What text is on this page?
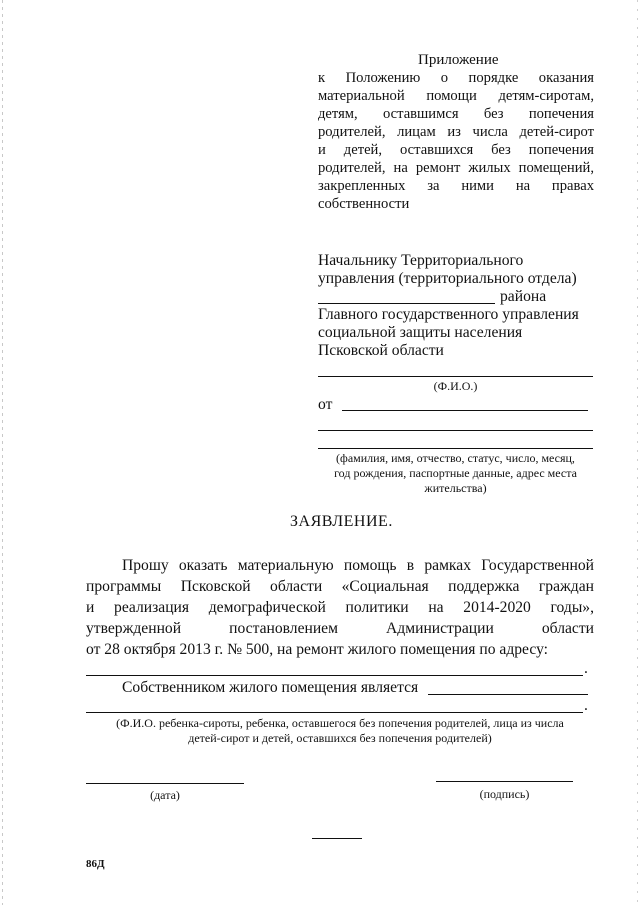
Приложение
к Положению о порядке оказания
материальной помощи детям-сиротам,
детям, оставшимся без попечения
родителей, лицам из числа детей-сирот
и детей, оставшихся без попечения
родителей, на ремонт жилых помещений,
закрепленных за ними на правах
собственности
Начальнику Территориального
управления (территориального отдела)
района
Главного государственного управления
социальной защиты населения
Псковской области
(Ф.И.О.)
от
(фамилия, имя, отчество, статус, число, месяц,
год рождения, паспортные данные, адрес места
жительства)
ЗАЯВЛЕНИЕ.
Прошу оказать материальную помощь в рамках Государственной
программы Псковской области «Социальная поддержка граждан
и реализация демографической политики на 2014-2020 годы»,
утвержденной постановлением Администрации области
от 28 октября 2013 г. № 500, на ремонт жилого помещения по адресу:
.
Собственником жилого помещения является
.
(Ф.И.О. ребенка-сироты, ребенка, оставшегося без попечения родителей, лица из числа
детей-сирот и детей, оставшихся без попечения родителей)
(дата)	(подпись)
86Д
